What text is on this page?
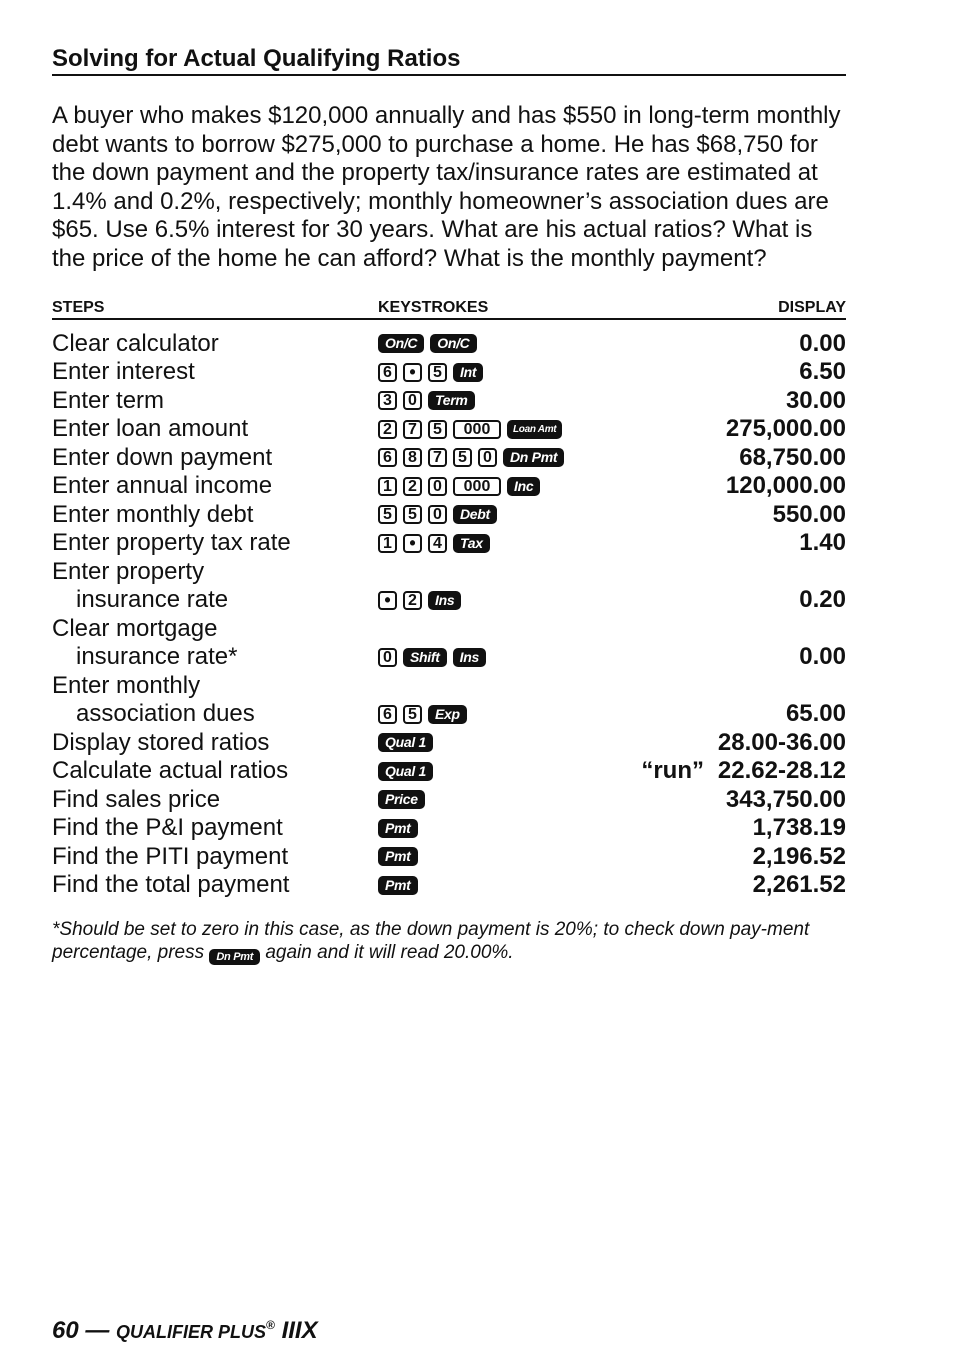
Solving for Actual Qualifying Ratios

A buyer who makes $120,000 annually and has $550 in long-term monthly debt wants to borrow $275,000 to purchase a home. He has $68,750 for the down payment and the property tax/insurance rates are estimated at 1.4% and 0.2%, respectively; monthly homeowner’s association dues are $65. Use 6.5% interest for 30 years. What are his actual ratios? What is the price of the home he can afford? What is the monthly payment?

STEPS	KEYSTROKES	DISPLAY
Clear calculator	On/C	On/C	0.00
Enter interest	6 •	5	Int	6.50
Enter term	3	0	Term	30.00
Enter loan amount	2	7	5	000	Loan Amt	275,000.00
Enter down payment	6	8	7	5	0	Dn Pmt	68,750.00
Enter annual income	1	2	0	000	Inc	120,000.00
Enter monthly debt	5	5	0	Debt	550.00
Enter property tax rate	1 •	4	Tax	1.40
Enter property
insurance rate	•	2	Ins	0.20
Clear mortgage
insurance rate*	0	Shift	Ins	0.00
Enter monthly
association dues	6	5	Exp	65.00
Display stored ratios	Qual 1	28.00-36.00
Calculate actual ratios	Qual 1	“run” 22.62-28.12
Find sales price	Price	343,750.00
Find the P&I payment	Pmt	1,738.19
Find the PITI payment	Pmt	2,196.52
Find the total payment	Pmt	2,261.52

*Should be set to zero in this case, as the down payment is 20%; to check down pay-ment percentage, press Dn Pmt again and it will read 20.00%.

60 — QUALIFIER PLUS® IIIX
